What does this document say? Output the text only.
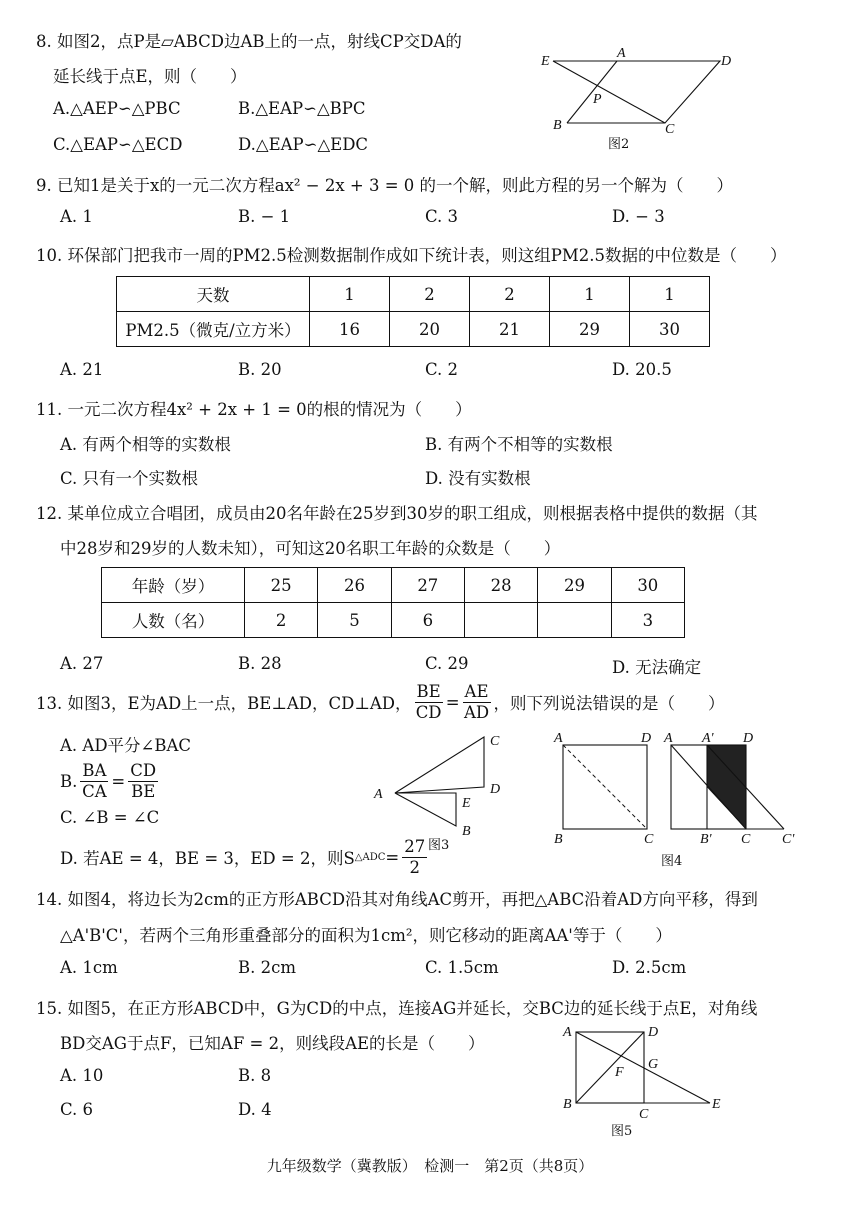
8. 如图2，点P是▱ABCD边AB上的一点，射线CP交DA的
延长线于点E，则（　　）
A.△AEP∽△PBC	B.△EAP∽△BPC
C.△EAP∽△ECD	D.△EAP∽△EDC
E
A
D
P
B	C
图2
9. 已知1是关于x的一元二次方程ax² − 2x + 3 = 0 的一个解，则此方程的另一个解为（　　）
A. 1	B. − 1	C. 3	D. − 3
10. 环保部门把我市一周的PM2.5检测数据制作成如下统计表，则这组PM2.5数据的中位数是（　　）
天数	1	2	2	1	1
PM2.5（微克/立方米）	16	20	21	29	30
A. 21	B. 20	C. 2	D. 20.5
11. 一元二次方程4x² + 2x + 1 = 0的根的情况为（　　）
A. 有两个相等的实数根	B. 有两个不相等的实数根
C. 只有一个实数根	D. 没有实数根
12. 某单位成立合唱团，成员由20名年龄在25岁到30岁的职工组成，则根据表格中提供的数据（其
中28岁和29岁的人数未知），可知这20名职工年龄的众数是（　　）
年龄（岁）	25	26	27	28	29	30
人数（名）	2	5	6			3
A. 27	B. 28	C. 29	D. 无法确定
13. 如图3，E为AD上一点，BE⊥AD，CD⊥AD， $\frac{BE}{CD} = \frac{AE}{AD}$ ，则下列说法错误的是（　　）
A. AD平分∠BAC
B. $\frac{BA}{CA} = \frac{CD}{BE}$
C. ∠B = ∠C
D. 若AE = 4，BE = 3，ED = 2，则S △ADC = $\frac{27}{2}$
C
A	D
E
B
图3
A	D
B	C
A A' D
B' C C'
图4
14. 如图4，将边长为2cm的正方形ABCD沿其对角线AC剪开，再把△ABC沿着AD方向平移，得到
△A'B'C'，若两个三角形重叠部分的面积为1cm²，则它移动的距离AA'等于（　　）
A. 1cm	B. 2cm	C. 1.5cm	D. 2.5cm
15. 如图5，在正方形ABCD中，G为CD的中点，连接AG并延长，交BC边的延长线于点E，对角线
BD交AG于点F，已知AF = 2，则线段AE的长是（　　）
A. 10	B. 8
C. 6	D. 4
A	D
F
G
B
C
E
图5
九年级数学（冀教版）　检测一　第2页（共8页）
